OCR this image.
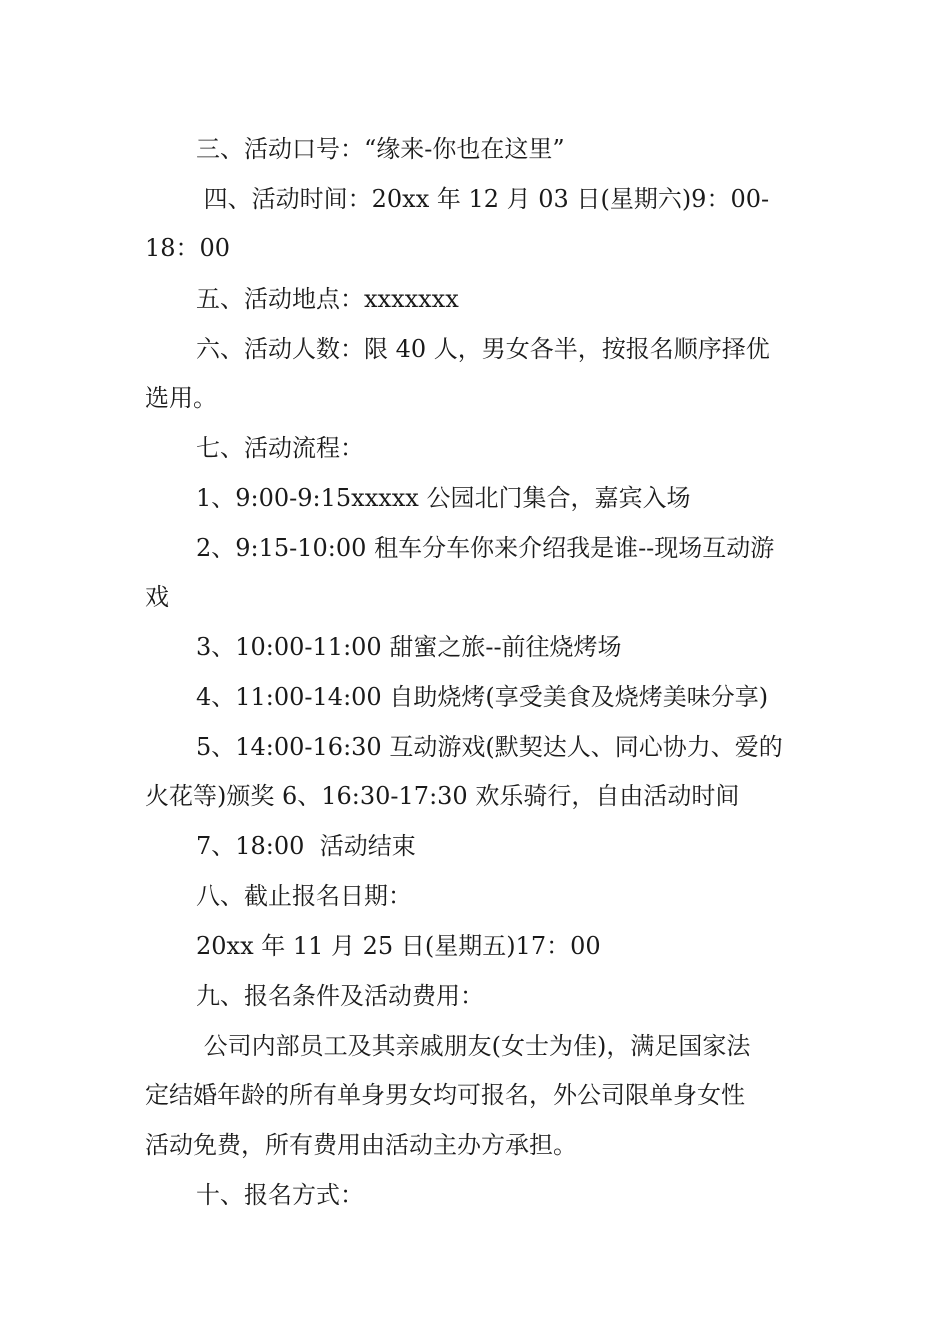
三、活动口号：“缘来-你也在这里”
四、活动时间：20xx 年 12 月 03 日(星期六)9：00-
18：00
五、活动地点：xxxxxxx
六、活动人数：限 40 人，男女各半，按报名顺序择优
选用。
七、活动流程：
1、9:00-9:15xxxxx 公园北门集合，嘉宾入场
2、9:15-10:00 租车分车你来介绍我是谁--现场互动游
戏
3、10:00-11:00 甜蜜之旅--前往烧烤场
4、11:00-14:00 自助烧烤(享受美食及烧烤美味分享)
5、14:00-16:30 互动游戏(默契达人、同心协力、爱的
火花等)颁奖 6、16:30-17:30 欢乐骑行，自由活动时间
7、18:00  活动结束
八、截止报名日期：
20xx 年 11 月 25 日(星期五)17：00
九、报名条件及活动费用：
公司内部员工及其亲戚朋友(女士为佳)，满足国家法
定结婚年龄的所有单身男女均可报名，外公司限单身女性
活动免费，所有费用由活动主办方承担。
十、报名方式：
